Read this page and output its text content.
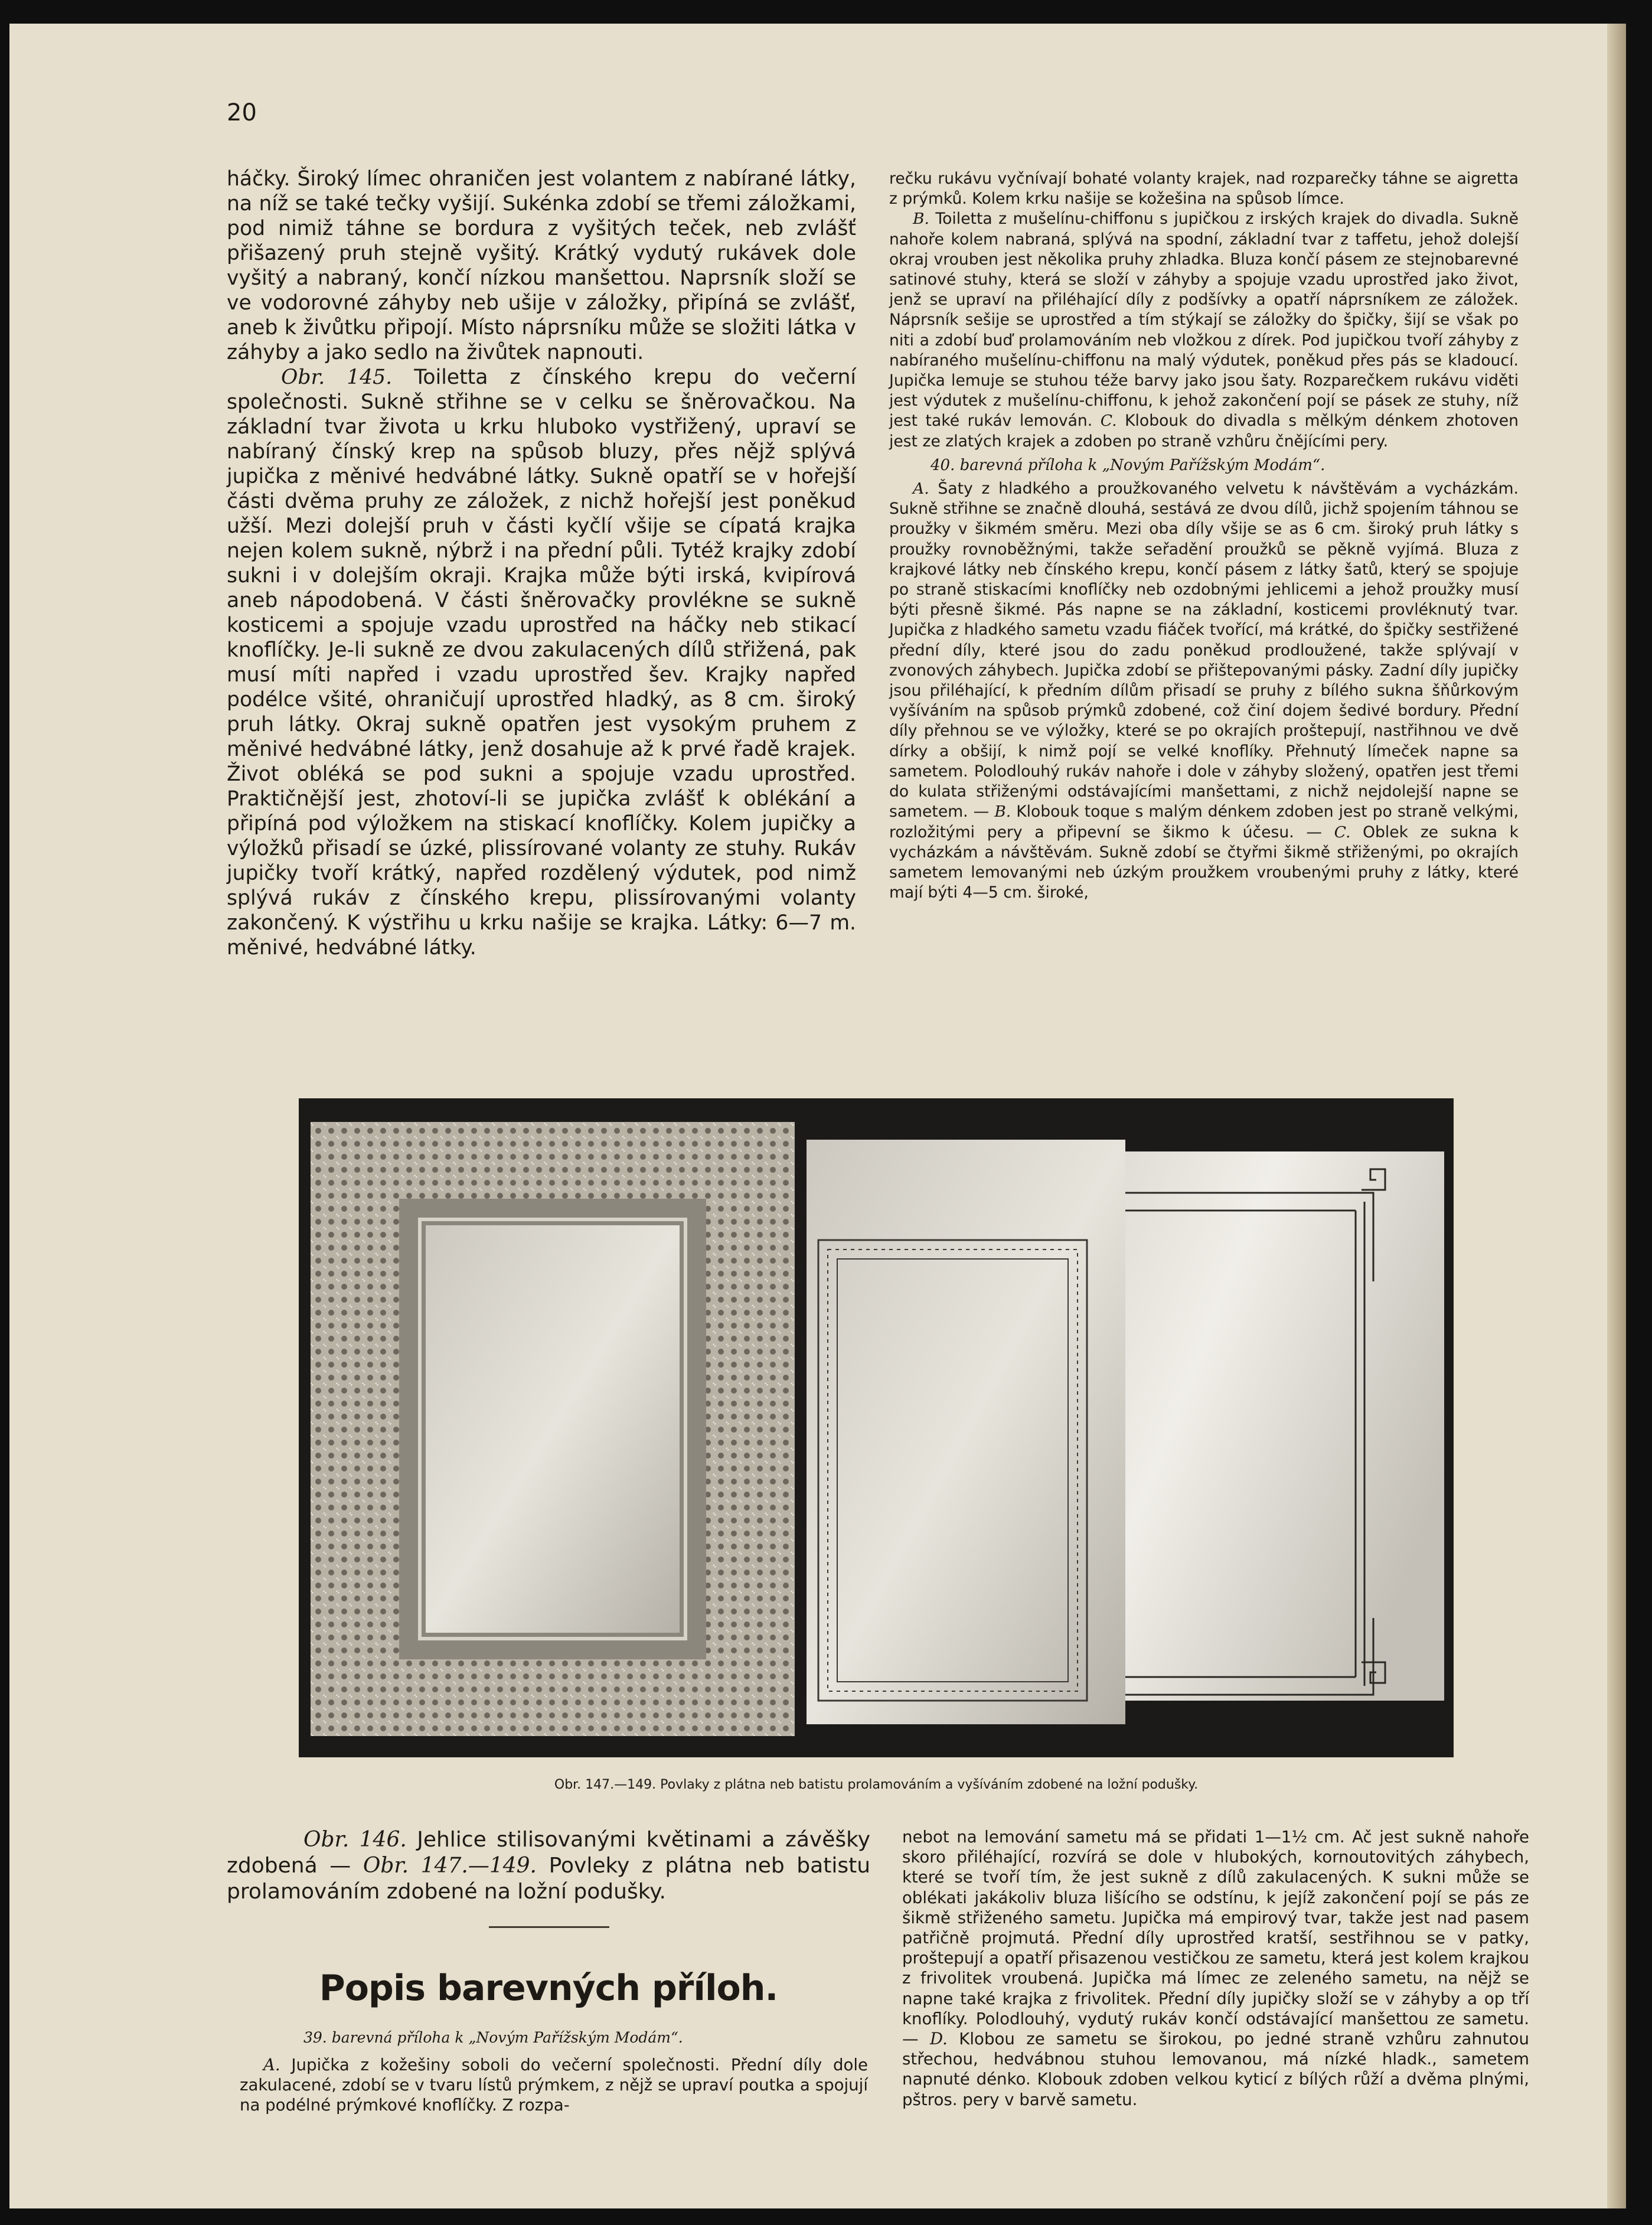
20

háčky. Široký límec ohraničen jest volantem z nabírané látky, na níž se také tečky vyšijí. Sukénka zdobí se třemi záložkami, pod nimiž táhne se bordura z vyšitých teček, neb zvlášť přišazený pruh stejně vyšitý. Krátký vydutý rukávek dole vyšitý a nabraný, končí nízkou manšettou. Naprsník složí se ve vodorovné záhyby neb ušije v záložky, připíná se zvlášť, aneb k živůtku připojí. Místo náprsníku může se složiti látka v záhyby a jako sedlo na živůtek napnouti.

Obr. 145. Toiletta z čínského krepu do večerní společnosti. Sukně střihne se v celku se šněrovačkou. Na základní tvar života u krku hluboko vystřižený, upraví se nabíraný čínský krep na spůsob bluzy, přes nějž splývá jupička z měnivé hedvábné látky. Sukně opatří se v hořejší části dvěma pruhy ze záložek, z nichž hořejší jest poněkud užší. Mezi dolejší pruh v části kyčlí všije se cípatá krajka nejen kolem sukně, nýbrž i na přední půli. Tytéž krajky zdobí sukni i v dolejším okraji. Krajka může býti irská, kvipírová aneb nápodobená. V části šněrovačky provlékne se sukně kosticemi a spojuje vzadu uprostřed na háčky neb stikací knoflíčky. Je-li sukně ze dvou zakulacených dílů střižená, pak musí míti napřed i vzadu uprostřed šev. Krajky napřed podélce všité, ohraničují uprostřed hladký, as 8 cm. široký pruh látky. Okraj sukně opatřen jest vysokým pruhem z měnivé hedvábné látky, jenž dosahuje až k prvé řadě krajek. Život obléká se pod sukni a spojuje vzadu uprostřed. Praktičnější jest, zhotoví-li se jupička zvlášť k oblékání a připíná pod výložkem na stiskací knoflíčky. Kolem jupičky a výložků přisadí se úzké, plissírované volanty ze stuhy. Rukáv jupičky tvoří krátký, napřed rozdělený výdutek, pod nimž splývá rukáv z čínského krepu, plissírovanými volanty zakončený. K výstřihu u krku našije se krajka. Látky: 6—7 m. měnivé, hedvábné látky.

rečku rukávu vyčnívají bohaté volanty krajek, nad rozparečky táhne se aigretta z prýmků. Kolem krku našije se kožešina na spůsob límce.

B. Toiletta z mušelínu-chiffonu s jupičkou z irských krajek do divadla. Sukně nahoře kolem nabraná, splývá na spodní, základní tvar z taffetu, jehož dolejší okraj vrouben jest několika pruhy zhladka. Bluza končí pásem ze stejnobarevné satinové stuhy, která se složí v záhyby a spojuje vzadu uprostřed jako život, jenž se upraví na přiléhající díly z podšívky a opatří náprsníkem ze záložek. Náprsník sešije se uprostřed a tím stýkají se záložky do špičky, šijí se však po niti a zdobí buď prolamováním neb vložkou z dírek. Pod jupičkou tvoří záhyby z nabíraného mušelínu-chiffonu na malý výdutek, poněkud přes pás se kladoucí. Jupička lemuje se stuhou téže barvy jako jsou šaty. Rozparečkem rukávu viděti jest výdutek z mušelínu-chiffonu, k jehož zakončení pojí se pásek ze stuhy, níž jest také rukáv lemován. C. Klobouk do divadla s mělkým dénkem zhotoven jest ze zlatých krajek a zdoben po straně vzhůru čnějícími pery.

40. barevná příloha k „Novým Pařížským Modám“.

A. Šaty z hladkého a proužkovaného velvetu k návštěvám a vycházkám. Sukně střihne se značně dlouhá, sestává ze dvou dílů, jichž spojením táhnou se proužky v šikmém směru. Mezi oba díly všije se as 6 cm. široký pruh látky s proužky rovnoběžnými, takže seřadění proužků se pěkně vyjímá. Bluza z krajkové látky neb čínského krepu, končí pásem z látky šatů, který se spojuje po straně stiskacími knoflíčky neb ozdobnými jehlicemi a jehož proužky musí býti přesně šikmé. Pás napne se na základní, kosticemi provléknutý tvar. Jupička z hladkého sametu vzadu fiáček tvořící, má krátké, do špičky sestřižené přední díly, které jsou do zadu poněkud prodloužené, takže splývají v zvonových záhybech. Jupička zdobí se přištepovanými pásky. Zadní díly jupičky jsou přiléhající, k předním dílům přisadí se pruhy z bílého sukna šňůrkovým vyšíváním na spůsob prýmků zdobené, což činí dojem šedivé bordury. Přední díly přehnou se ve výložky, které se po okrajích proštepují, nastřihnou ve dvě dírky a obšijí, k nimž pojí se velké knoflíky. Přehnutý límeček napne sa sametem. Polodlouhý rukáv nahoře i dole v záhyby složený, opatřen jest třemi do kulata střiženými odstávajícími manšettami, z nichž nejdolejší napne se sametem. — B. Klobouk toque s malým dénkem zdoben jest po straně velkými, rozložitými pery a připevní se šikmo k účesu. — C. Oblek ze sukna k vycházkám a návštěvám. Sukně zdobí se čtyřmi šikmě střiženými, po okrajích sametem lemovanými neb úzkým proužkem vroubenými pruhy z látky, které mají býti 4—5 cm. široké,

Obr. 147.—149. Povlaky z plátna neb batistu prolamováním a vyšíváním zdobené na ložní podušky.

Obr. 146. Jehlice stilisovanými květinami a závěšky zdobená — Obr. 147.—149. Povleky z plátna neb batistu prolamováním zdobené na ložní podušky.

Popis barevných příloh.

39. barevná příloha k „Novým Pařížským Modám“.

A. Jupička z kožešiny soboli do večerní společnosti. Přední díly dole zakulacené, zdobí se v tvaru lístů prýmkem, z nějž se upraví poutka a spojují na podélné prýmkové knoflíčky. Z rozpa-

nebot na lemování sametu má se přidati 1—1½ cm. Ač jest sukně nahoře skoro přiléhající, rozvírá se dole v hlubokých, kornoutovitých záhybech, které se tvoří tím, že jest sukně z dílů zakulacených. K sukni může se oblékati jakákoliv bluza lišícího se odstínu, k jejíž zakončení pojí se pás ze šikmě střiženého sametu. Jupička má empirový tvar, takže jest nad pasem patřičně projmutá. Přední díly uprostřed kratší, sestřihnou se v patky, proštepují a opatří přisazenou vestičkou ze sametu, která jest kolem krajkou z frivolitek vroubená. Jupička má límec ze zeleného sametu, na nějž se napne také krajka z frivolitek. Přední díly jupičky složí se v záhyby a op tří knoflíky. Polodlouhý, vydutý rukáv končí odstávající manšettou ze sametu. — D. Klobou ze sametu se širokou, po jedné straně vzhůru zahnutou střechou, hedvábnou stuhou lemovanou, má nízké hladk., sametem napnuté dénko. Klobouk zdoben velkou kyticí z bílých růží a dvěma plnými, pštros. pery v barvě sametu.
